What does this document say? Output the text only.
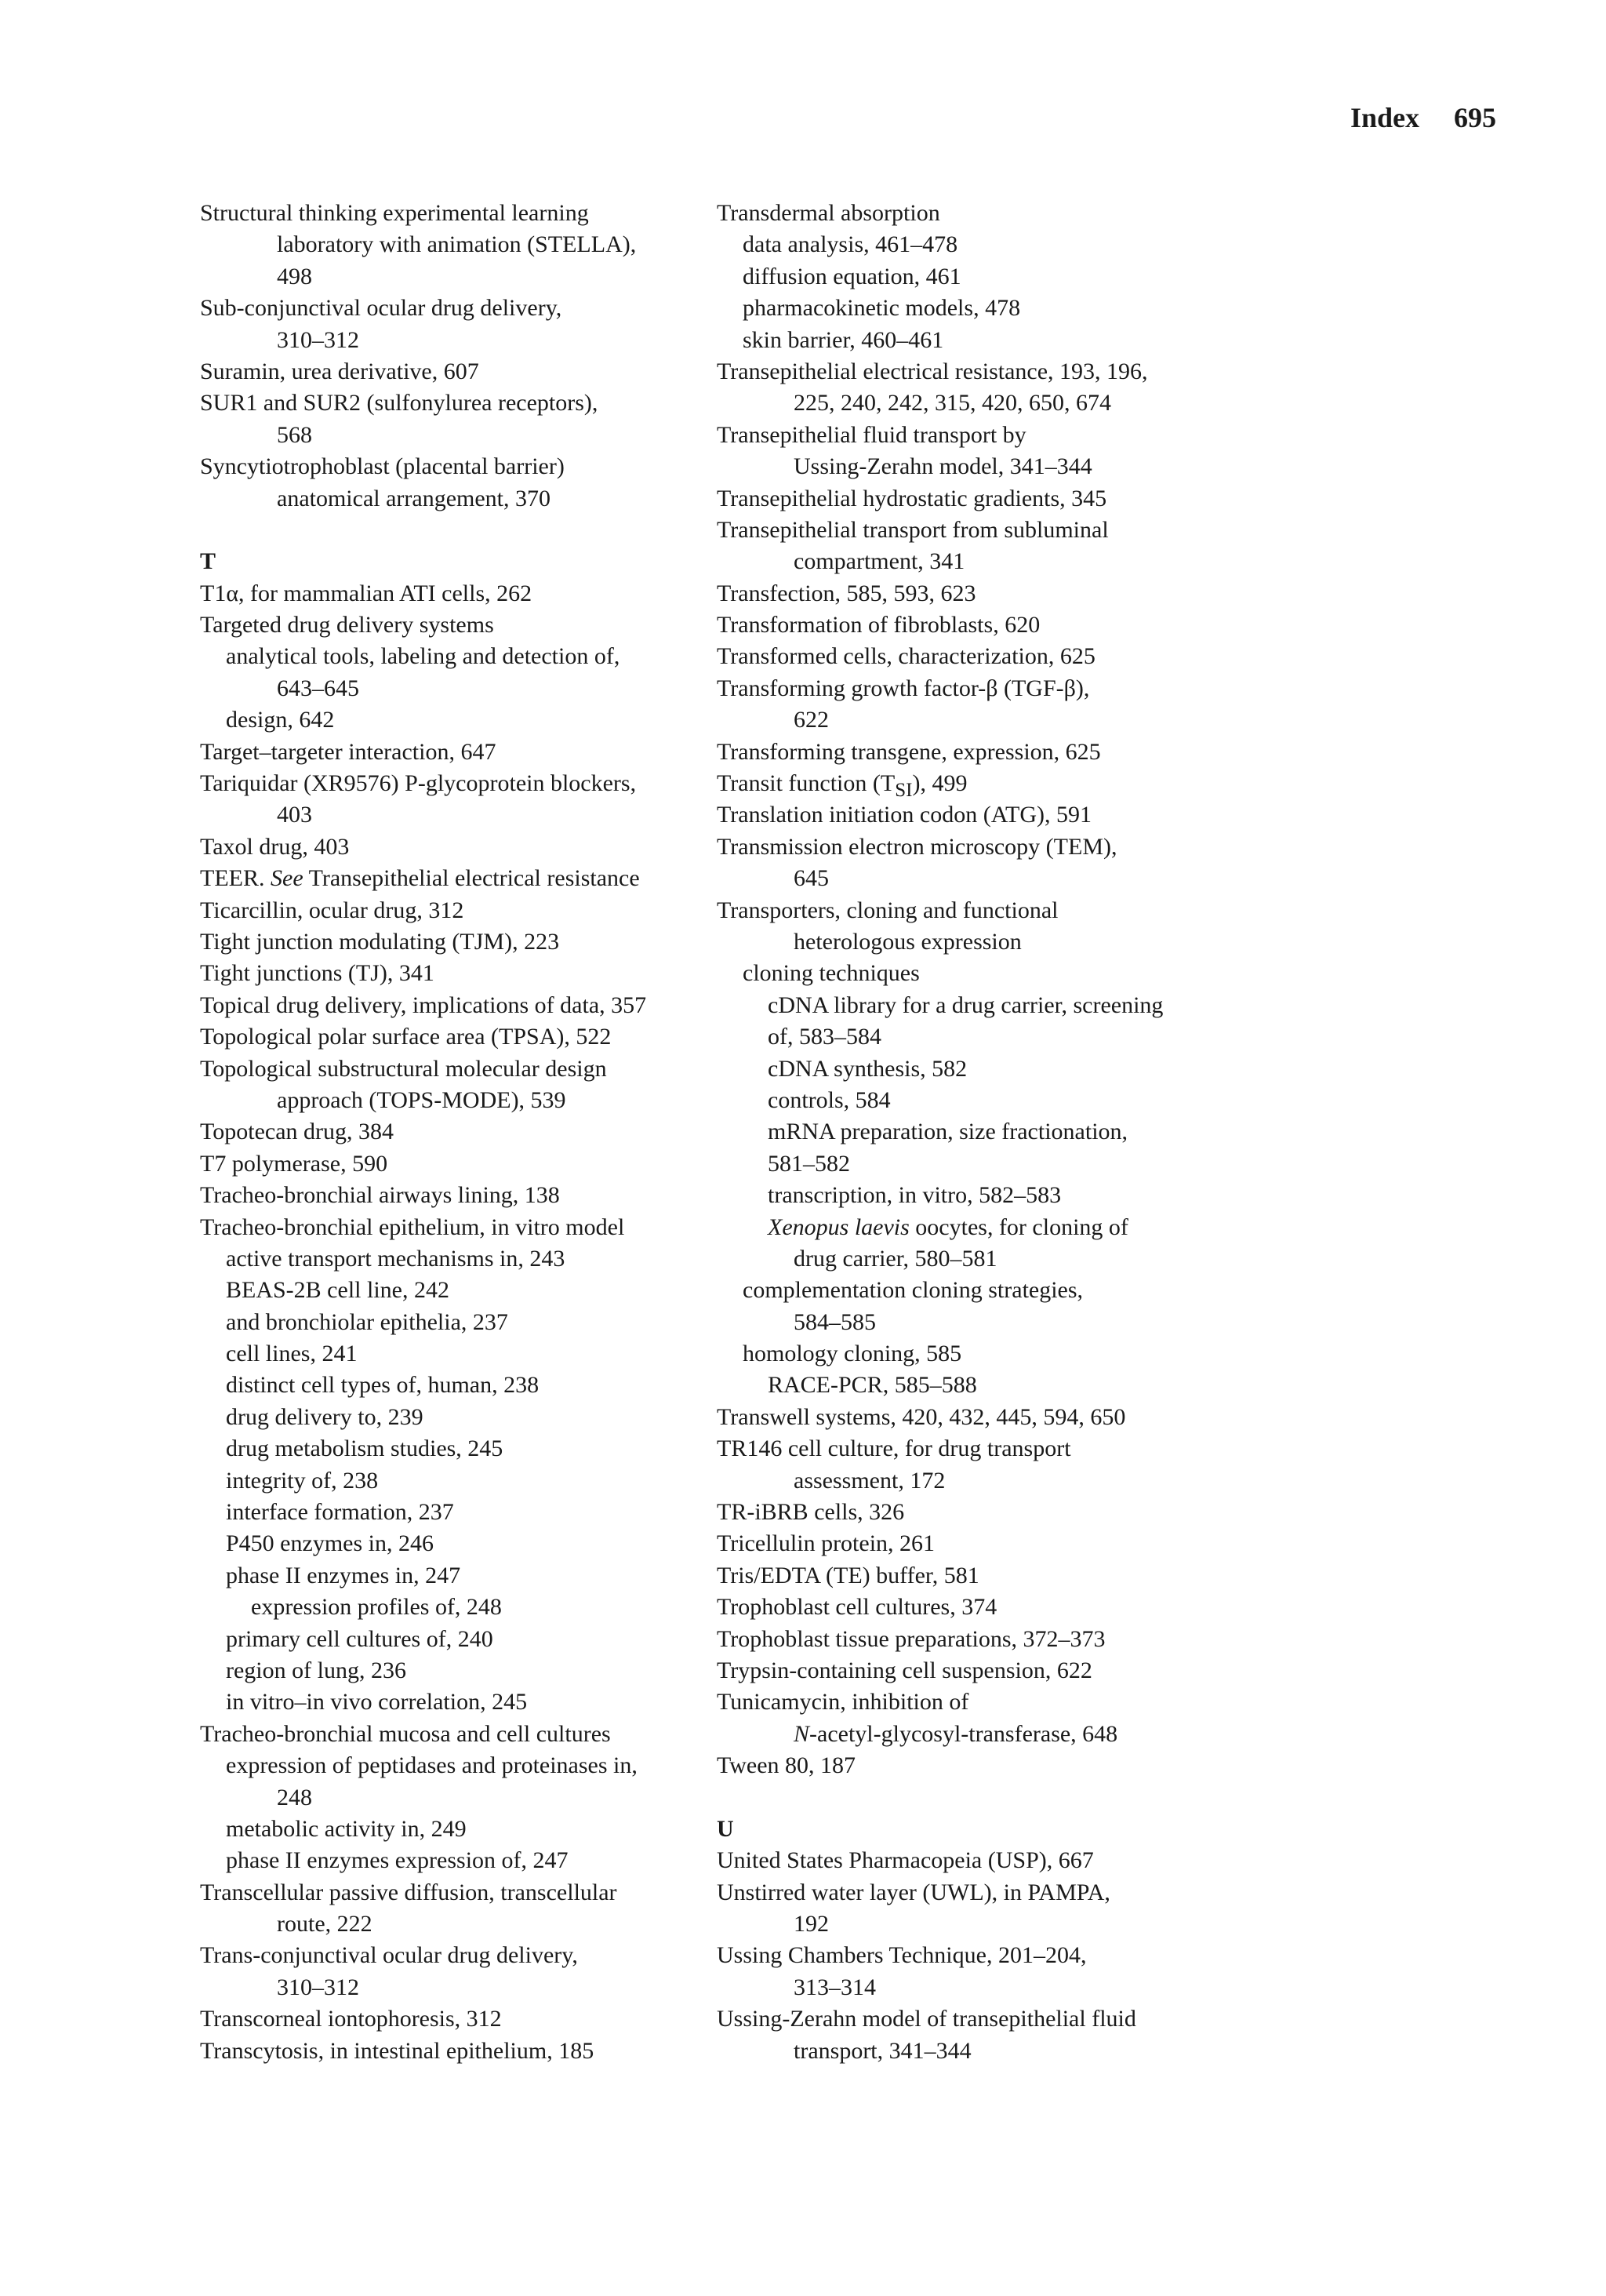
Index 695
Structural thinking experimental learning
laboratory with animation (STELLA),
498
Sub-conjunctival ocular drug delivery,
310–312
Suramin, urea derivative, 607
SUR1 and SUR2 (sulfonylurea receptors),
568
Syncytiotrophoblast (placental barrier)
anatomical arrangement, 370
T
T1α, for mammalian ATI cells, 262
Targeted drug delivery systems
analytical tools, labeling and detection of,
643–645
design, 642
Target–targeter interaction, 647
Tariquidar (XR9576) P-glycoprotein blockers,
403
Taxol drug, 403
TEER. See Transepithelial electrical resistance
Ticarcillin, ocular drug, 312
Tight junction modulating (TJM), 223
Tight junctions (TJ), 341
Topical drug delivery, implications of data, 357
Topological polar surface area (TPSA), 522
Topological substructural molecular design
approach (TOPS-MODE), 539
Topotecan drug, 384
T7 polymerase, 590
Tracheo-bronchial airways lining, 138
Tracheo-bronchial epithelium, in vitro model
active transport mechanisms in, 243
BEAS-2B cell line, 242
and bronchiolar epithelia, 237
cell lines, 241
distinct cell types of, human, 238
drug delivery to, 239
drug metabolism studies, 245
integrity of, 238
interface formation, 237
P450 enzymes in, 246
phase II enzymes in, 247
expression profiles of, 248
primary cell cultures of, 240
region of lung, 236
in vitro–in vivo correlation, 245
Tracheo-bronchial mucosa and cell cultures
expression of peptidases and proteinases in,
248
metabolic activity in, 249
phase II enzymes expression of, 247
Transcellular passive diffusion, transcellular
route, 222
Trans-conjunctival ocular drug delivery,
310–312
Transcorneal iontophoresis, 312
Transcytosis, in intestinal epithelium, 185
Transdermal absorption
data analysis, 461–478
diffusion equation, 461
pharmacokinetic models, 478
skin barrier, 460–461
Transepithelial electrical resistance, 193, 196,
225, 240, 242, 315, 420, 650, 674
Transepithelial fluid transport by
Ussing-Zerahn model, 341–344
Transepithelial hydrostatic gradients, 345
Transepithelial transport from subluminal
compartment, 341
Transfection, 585, 593, 623
Transformation of fibroblasts, 620
Transformed cells, characterization, 625
Transforming growth factor-β (TGF-β),
622
Transforming transgene, expression, 625
Transit function $(T_{SI})$, 499
Translation initiation codon (ATG), 591
Transmission electron microscopy (TEM),
645
Transporters, cloning and functional
heterologous expression
cloning techniques
cDNA library for a drug carrier, screening
of, 583–584
cDNA synthesis, 582
controls, 584
mRNA preparation, size fractionation,
581–582
transcription, in vitro, 582–583
Xenopus laevis oocytes, for cloning of
drug carrier, 580–581
complementation cloning strategies,
584–585
homology cloning, 585
RACE-PCR, 585–588
Transwell systems, 420, 432, 445, 594, 650
TR146 cell culture, for drug transport
assessment, 172
TR-iBRB cells, 326
Tricellulin protein, 261
Tris/EDTA (TE) buffer, 581
Trophoblast cell cultures, 374
Trophoblast tissue preparations, 372–373
Trypsin-containing cell suspension, 622
Tunicamycin, inhibition of
N-acetyl-glycosyl-transferase, 648
Tween 80, 187
U
United States Pharmacopeia (USP), 667
Unstirred water layer (UWL), in PAMPA,
192
Ussing Chambers Technique, 201–204,
313–314
Ussing-Zerahn model of transepithelial fluid
transport, 341–344
